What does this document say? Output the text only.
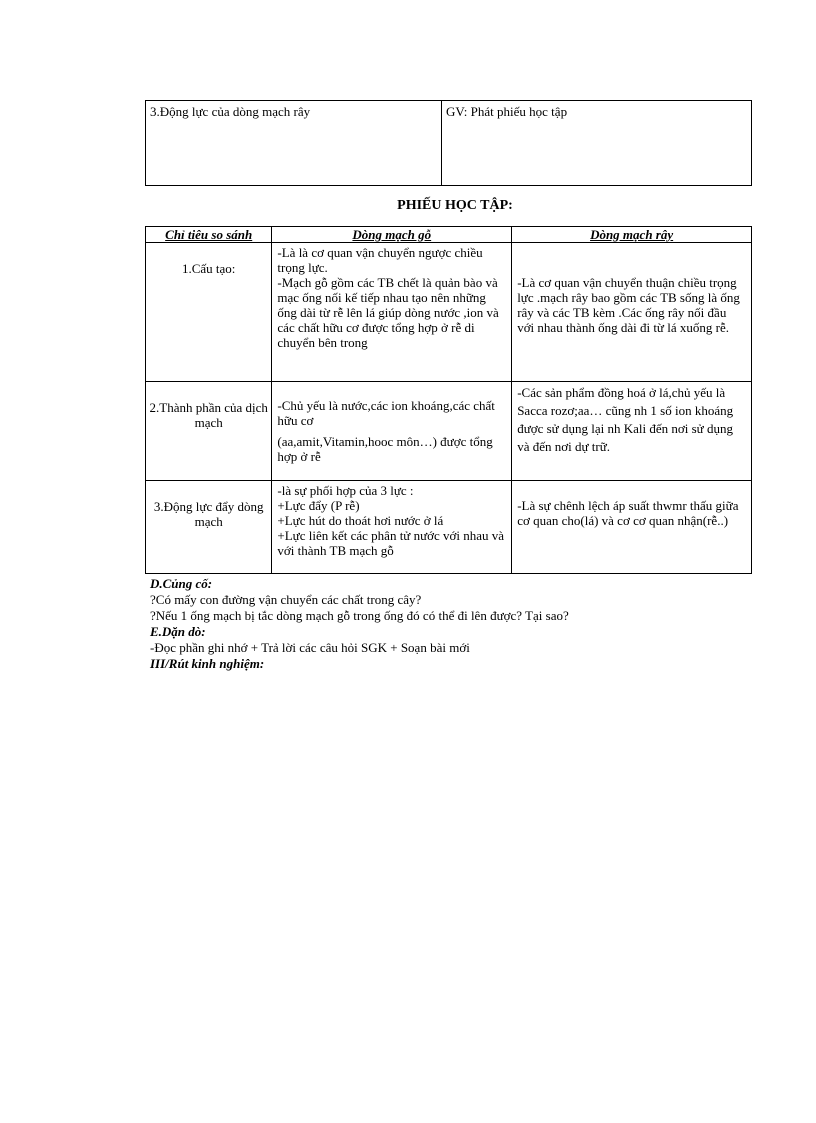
3.Động lực của dòng mạch rây	GV: Phát phiếu học tập
PHIẾU HỌC TẬP:
Chỉ tiêu so sánh	Dòng mạch gỗ	Dòng mạch rây

1.Cấu tạo:	-Là là cơ quan vận chuyển ngược chiều trọng lực.

-Mạch gỗ gồm các TB chết là quản bào và mạc ống nối kế tiếp nhau tạo nên những ống dài từ rễ lên lá giúp dòng nước ,ion và các chất hữu cơ được tổng hợp ở rễ di chuyển bên trong	-Là cơ quan vận chuyển thuận chiều trọng lực .mạch rây bao gồm các TB sống là ống rây và các TB kèm .Các ống rây nối đầu với nhau thành ống dài đi từ lá xuống rễ.

2.Thành phần của dịch mạch	-Chủ yếu là nước,các ion khoáng,các chất hữu cơ

(aa,amit,Vitamin,hooc môn…) được tổng hợp ở rễ	-Các sản phẩm đồng hoá ở lá,chủ yếu là Sacca rozơ;aa… cũng nh 1 số ion khoáng được sử dụng lại nh Kali đến nơi sử dụng và đến nơi dự trữ.

3.Động lực đẩy dòng mạch	-là sự phối hợp của 3 lực :

+Lực đẩy (P rễ)

+Lực hút do thoát hơi nước ở lá

+Lực liên kết các phân tử nước với nhau và với thành TB mạch gỗ	-Là sự chênh lệch áp suất thwmr thấu giữa cơ quan cho(lá) và cơ cơ quan nhận(rễ..)

D.Củng cố:
?Có mấy con đường vận chuyển các chất trong cây?
?Nếu 1 ống mạch bị tắc dòng mạch gỗ trong ống đó có thể đi lên được? Tại sao?
E.Dặn dò:
-Đọc phần ghi nhớ + Trả lời các câu hỏi SGK + Soạn bài mới
III/Rút kinh nghiệm:
